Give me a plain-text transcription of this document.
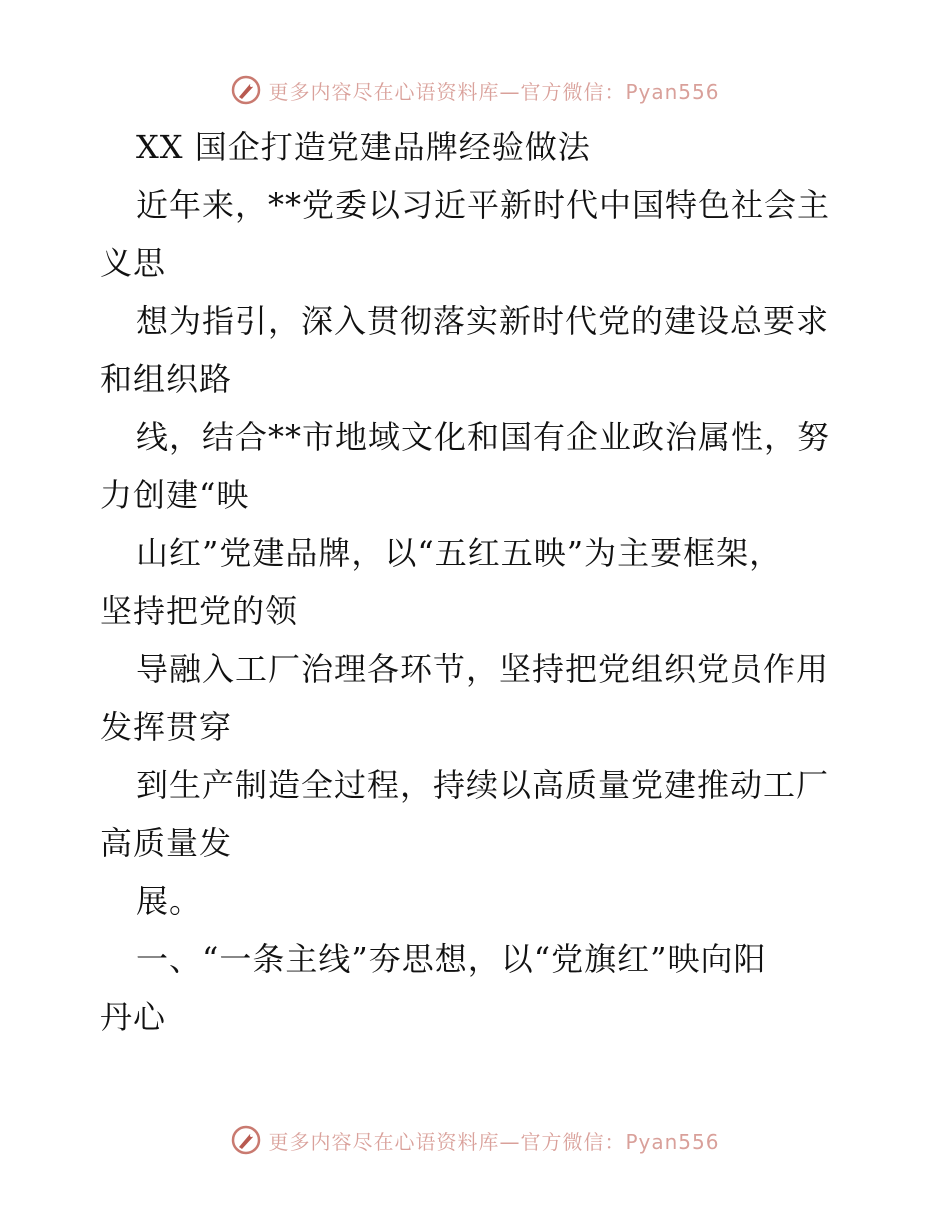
更多内容尽在心语资料库—官方微信：Pyan556
XX 国企打造党建品牌经验做法
近年来，**党委以习近平新时代中国特色社会主
义思
想为指引，深入贯彻落实新时代党的建设总要求
和组织路
线，结合**市地域文化和国有企业政治属性，努
力创建“映
山红”党建品牌，以“五红五映”为主要框架，
坚持把党的领
导融入工厂治理各环节，坚持把党组织党员作用
发挥贯穿
到生产制造全过程，持续以高质量党建推动工厂
高质量发
展。
一、“一条主线”夯思想，以“党旗红”映向阳
丹心
更多内容尽在心语资料库—官方微信：Pyan556
